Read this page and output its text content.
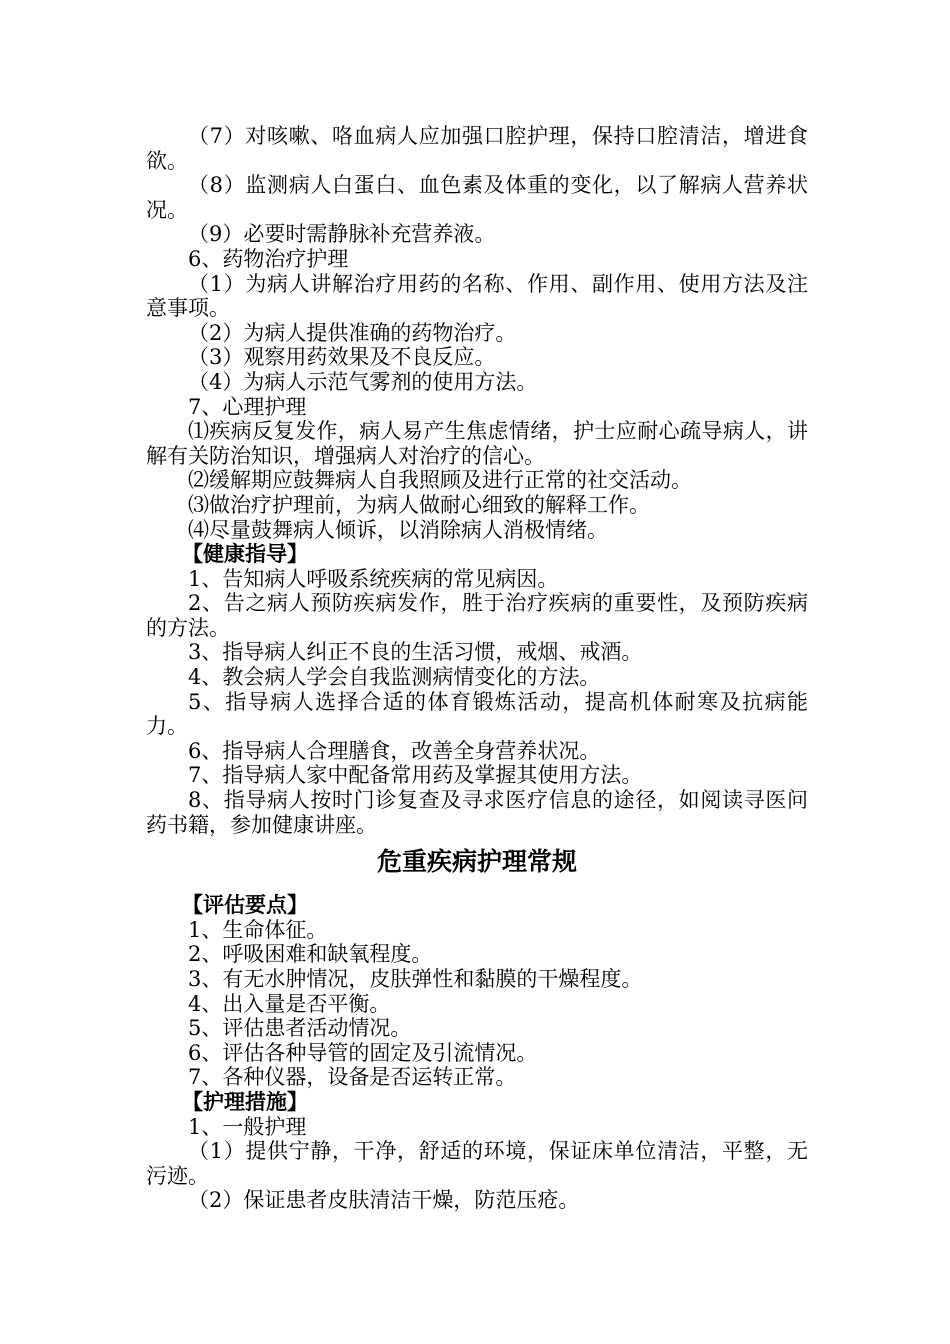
（7）对咳嗽、咯血病人应加强口腔护理，保持口腔清洁，增进食欲。

（8）监测病人白蛋白、血色素及体重的变化，以了解病人营养状况。

（9）必要时需静脉补充营养液。

6、药物治疗护理

（1）为病人讲解治疗用药的名称、作用、副作用、使用方法及注意事项。

（2）为病人提供准确的药物治疗。

（3）观察用药效果及不良反应。

（4）为病人示范气雾剂的使用方法。

7、心理护理

⑴疾病反复发作，病人易产生焦虑情绪，护士应耐心疏导病人，讲解有关防治知识，增强病人对治疗的信心。

⑵缓解期应鼓舞病人自我照顾及进行正常的社交活动。

⑶做治疗护理前，为病人做耐心细致的解释工作。

⑷尽量鼓舞病人倾诉，以消除病人消极情绪。

【健康指导】

1、告知病人呼吸系统疾病的常见病因。

2、告之病人预防疾病发作，胜于治疗疾病的重要性，及预防疾病的方法。

3、指导病人纠正不良的生活习惯，戒烟、戒酒。

4、教会病人学会自我监测病情变化的方法。

5、指导病人选择合适的体育锻炼活动，提高机体耐寒及抗病能力。

6、指导病人合理膳食，改善全身营养状况。

7、指导病人家中配备常用药及掌握其使用方法。

8、指导病人按时门诊复查及寻求医疗信息的途径，如阅读寻医问药书籍，参加健康讲座。

危重疾病护理常规

【评估要点】

1、生命体征。

2、呼吸困难和缺氧程度。

3、有无水肿情况，皮肤弹性和黏膜的干燥程度。

4、出入量是否平衡。

5、评估患者活动情况。

6、评估各种导管的固定及引流情况。

7、各种仪器，设备是否运转正常。

【护理措施】

1、一般护理

（1）提供宁静，干净，舒适的环境，保证床单位清洁，平整，无污迹。

（2）保证患者皮肤清洁干燥，防范压疮。
